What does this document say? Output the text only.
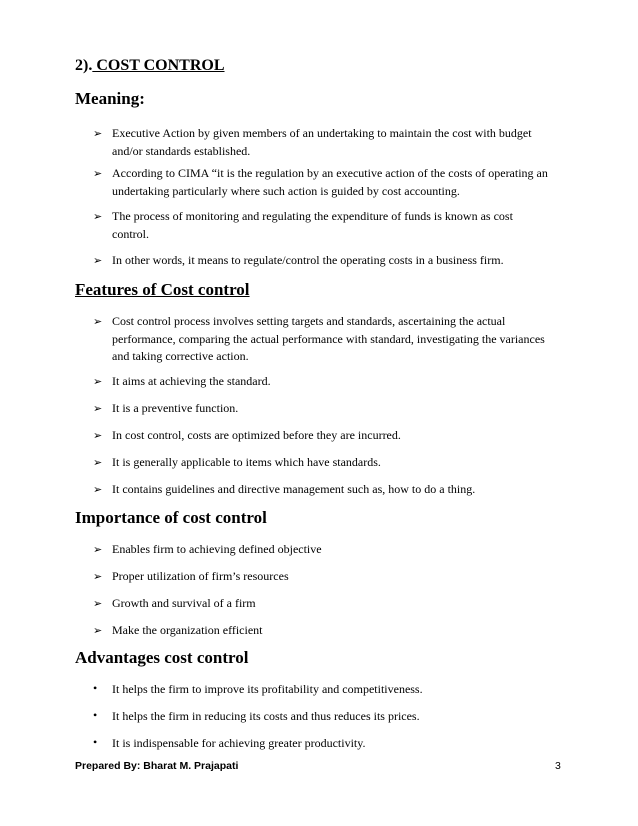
2). COST CONTROL
Meaning:
➢ Executive Action by given members of an undertaking to maintain the cost with budget and/or standards established.
➢ According to CIMA “it is the regulation by an executive action of the costs of operating an undertaking particularly where such action is guided by cost accounting.
➢ The process of monitoring and regulating the expenditure of funds is known as cost control.
➢ In other words, it means to regulate/control the operating costs in a business firm.
Features of Cost control
➢ Cost control process involves setting targets and standards, ascertaining the actual performance, comparing the actual performance with standard, investigating the variances and taking corrective action.
➢ It aims at achieving the standard.
➢ It is a preventive function.
➢ In cost control, costs are optimized before they are incurred.
➢ It is generally applicable to items which have standards.
➢ It contains guidelines and directive management such as, how to do a thing.
Importance of cost control
➢ Enables firm to achieving defined objective
➢ Proper utilization of firm’s resources
➢ Growth and survival of a firm
➢ Make the organization efficient
Advantages cost control
• It helps the firm to improve its profitability and competitiveness.
• It helps the firm in reducing its costs and thus reduces its prices.
• It is indispensable for achieving greater productivity.
Prepared By: Bharat M. Prajapati	3
